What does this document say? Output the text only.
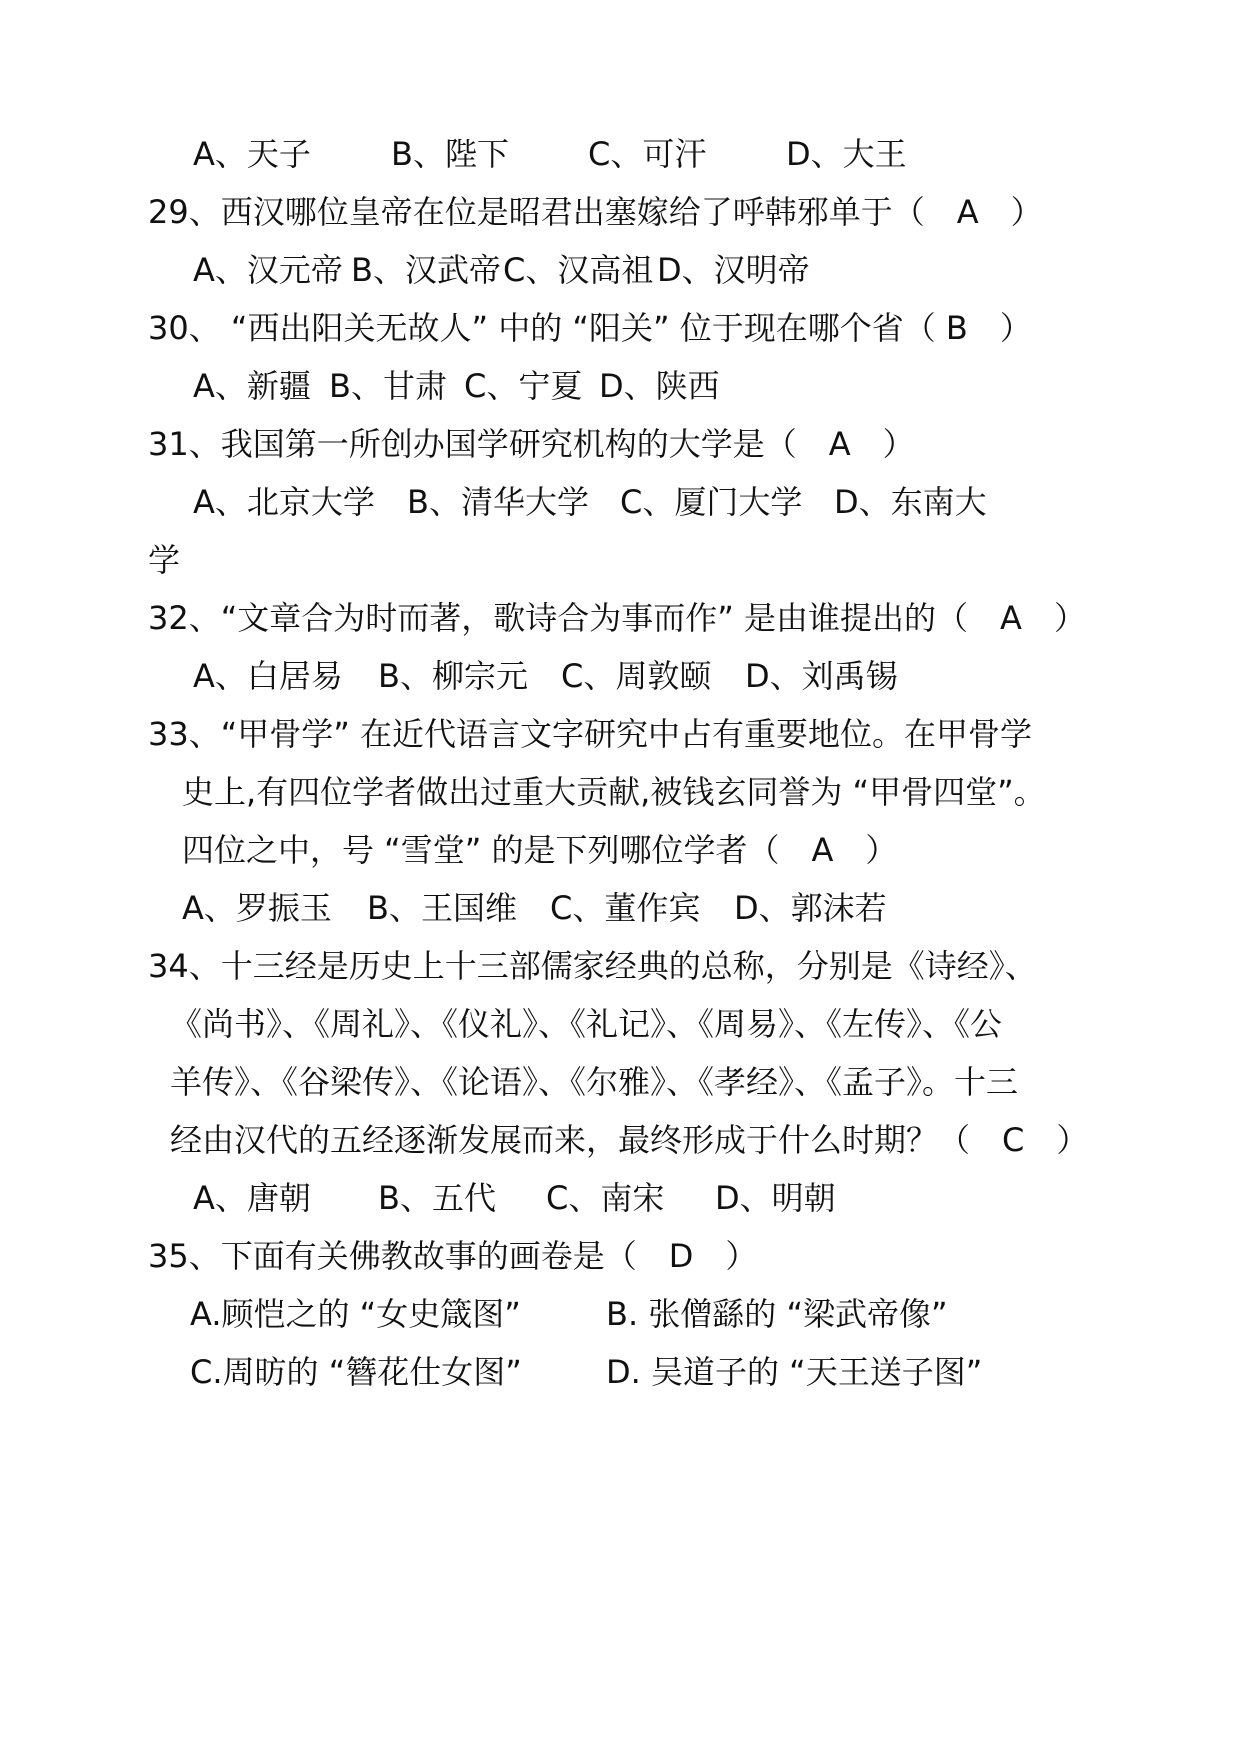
A、天子	B、陛下 C、可汗 D、大王
29、西汉哪位皇帝在位是昭君出塞嫁给了呼韩邪单于（　A　）
A、汉元帝 B、汉武帝 C、汉高祖 D、汉明帝
30、 “西出阳关无故人” 中的 “阳关” 位于现在哪个省（ B　）
A、新疆 B、甘肃 C、宁夏 D、陕西
31、我国第一所创办国学研究机构的大学是（　A　）
A、北京大学 B、清华大学 C、厦门大学 D、东南大
学
32、“文章合为时而著，歌诗合为事而作” 是由谁提出的（　A　）
A、白居易 B、柳宗元 C、周敦颐 D、刘禹锡
33、“甲骨学” 在近代语言文字研究中占有重要地位。在甲骨学
史上,有四位学者做出过重大贡献,被钱玄同誉为 “甲骨四堂”。
四位之中，号 “雪堂” 的是下列哪位学者（　A　）
A、罗振玉 B、王国维 C、董作宾 D、郭沫若
34、十三经是历史上十三部儒家经典的总称，分别是《诗经》、
《尚书》、《周礼》、《仪礼》、《礼记》、《周易》、《左传》、《公
羊传》、《谷梁传》、《论语》、《尔雅》、《孝经》、《孟子》。十三
经由汉代的五经逐渐发展而来，最终形成于什么时期？（　C　）
A、唐朝 B、五代 C、南宋 D、明朝
35、下面有关佛教故事的画卷是（　D　）
A.顾恺之的 “女史箴图”	B. 张僧繇的 “梁武帝像”
C.周昉的 “簪花仕女图”	D. 吴道子的 “天王送子图”
